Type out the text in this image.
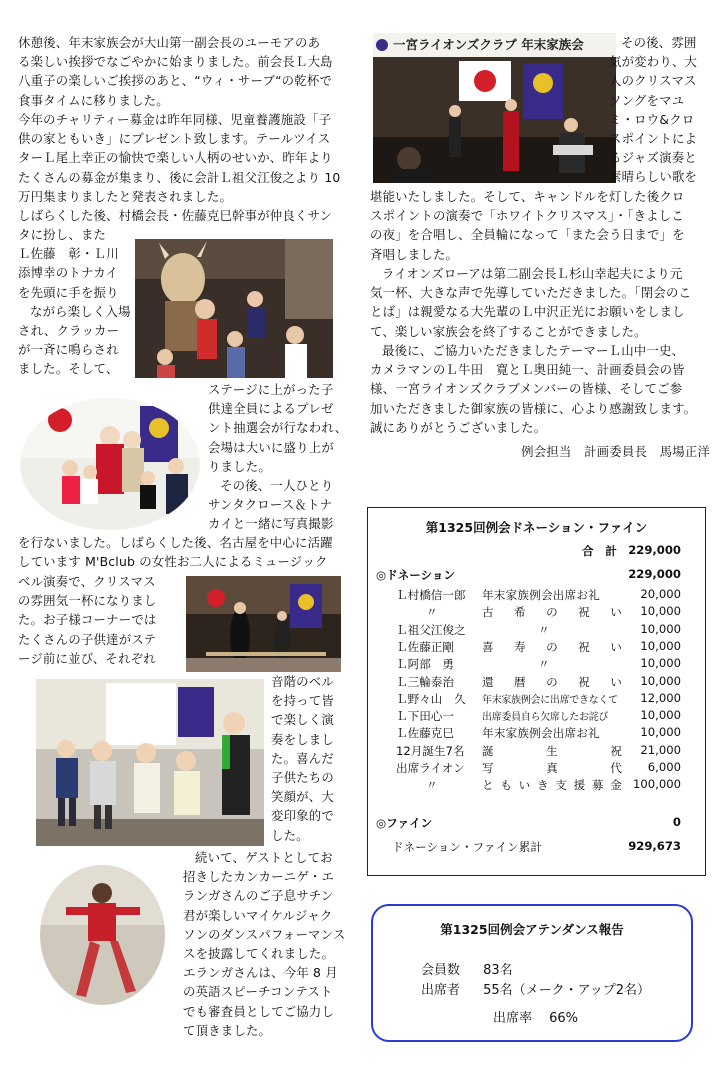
休憩後、年末家族会が大山第一副会長のユーモアのあ
る楽しい挨拶でなごやかに始まりました。前会長Ｌ大島
八重子の楽しいご挨拶のあと、“ウィ・サーブ“の乾杯で
食事タイムに移りました。
今年のチャリティー募金は昨年同様、児童養護施設「子
供の家ともいき」にプレゼント致します。テールツイス
ターＬ尾上幸正の愉快で楽しい人柄のせいか、昨年より
たくさんの募金が集まり、後に会計Ｌ祖父江俊之より 10
万円集まりましたと発表されました。
しばらくした後、村橋会長・佐藤克巳幹事が仲良くサン
タに扮し、また
Ｌ佐藤　彰・Ｌ川
添博幸のトナカイ
を先頭に手を振り
ながら楽しく入場
され、クラッカー
が一斉に鳴らされ
ました。そして、
ステージに上がった子
供達全員によるプレゼ
ント抽選会が行なわれ、
会場は大いに盛り上が
りました。
その後、一人ひとり
サンタクロース＆トナ
カイと一緒に写真撮影
を行ないました。しばらくした後、名古屋を中心に活躍
しています M'Bclub の女性お二人によるミュージック
ベル演奏で、クリスマス
の雰囲気一杯になりまし
た。お子様コーナーでは
たくさんの子供達がステ
ージ前に並び、それぞれ
音階のベル
を持って皆
で楽しく演
奏をしまし
た。喜んだ
子供たちの
笑顔が、大
変印象的で
した。
続いて、ゲストとしてお
招きしたカンカーニゲ・エ
ランガさんのご子息サチン
君が楽しいマイケルジャク
ソンのダンスパフォーマンス
スを披露してくれました。
エランガさんは、今年 8 月
の英語スピーチコンテスト
でも審査員としてご協力し
て頂きました。
一宮ライオンズクラブ 年末家族会	その後、雰囲
気が変わり、大
人のクリスマス
ソングをマユ
ミ・ロウ&クロ
スポイントによ
るジャズ演奏と
素晴らしい歌を
堪能いたしました。そして、キャンドルを灯した後クロ
スポイントの演奏で「ホワイトクリスマス」・「きよしこ
の夜」を合唱し、全員輪になって「また会う日まで」を
斉唱しました。
ライオンズローアは第二副会長Ｌ杉山幸起夫により元
気一杯、大きな声で先導していただきました。「閉会のこ
とば」は親愛なる大先輩のＬ中沢正光にお願いをしまし
て、楽しい家族会を終了することができました。
最後に、ご協力いただきましたテーマーＬ山中一史、
カメラマンのＬ牛田　寛とＬ奥田純一、計画委員会の皆
様、一宮ライオンズクラブメンバーの皆様、そしてご参
加いただきました御家族の皆様に、心より感謝致します。
誠にありがとうございました。
例会担当　計画委員長　馬場正洋
第1325回例会ドネーション・ファイン
合　計 229,000
◎ドネーション	229,000
Ｌ村橋信一郎	年末家族例会出席お礼	20,000
〃	古 希 の 祝 い	10,000
Ｌ祖父江俊之	〃	10,000
Ｌ佐藤正剛	喜 寿 の 祝 い	10,000
Ｌ阿部　勇	〃	10,000
Ｌ三輪泰治	還 暦 の 祝 い	10,000
Ｌ野々山　久	年末家族例会に出席できなくて	12,000
Ｌ下田心一	出席委員自ら欠席したお詫び	10,000
Ｌ佐藤克巳	年末家族例会出席お礼	10,000
12月誕生7名	誕	生	祝	21,000
出席ライオン	写	真	代	6,000
〃	と も い き 支 援 募 金 100,000
◎ファイン	0
ドネーション・ファイン累計	929,673
第1325回例会アテンダンス報告
会員数 83名
出席者 55名（メーク・アップ2名）
出席率 66%
